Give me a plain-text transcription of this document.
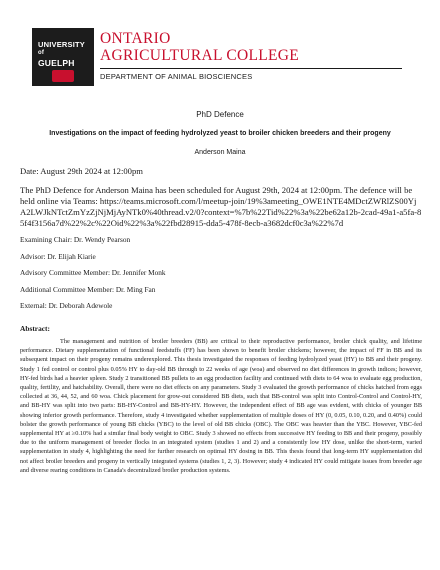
UNIVERSITY
of
GUELPH
ONTARIO
AGRICULTURAL COLLEGE
DEPARTMENT OF ANIMAL BIOSCIENCES
PhD Defence
Investigations on the impact of feeding hydrolyzed yeast to broiler chicken breeders and their progeny
Anderson Maina
Date: August 29th 2024 at 12:00pm
The PhD Defence for Anderson Maina has been scheduled for August 29th, 2024 at 12:00pm. The defence will be held online via Teams: https://teams.microsoft.com/l/meetup-join/19%3ameeting_OWE1NTE4MDctZWRlZS00YjA2LWJkNTctZmYzZjNjMjAyNTk0%40thread.v2/0?context=%7b%22Tid%22%3a%22be62a12b-2cad-49a1-a5fa-85f4f3156a7d%22%2c%22Oid%22%3a%22fbd28915-dda5-478f-8ecb-a3682dcf0c3a%22%7d
Examining Chair: Dr. Wendy Pearson
Advisor: Dr. Elijah Kiarie
Advisory Committee Member: Dr. Jennifer Monk
Additional Committee Member: Dr. Ming Fan
External: Dr. Deborah Adewole
Abstract:
The management and nutrition of broiler breeders (BB) are critical to their reproductive performance, broiler chick quality, and lifetime performance. Dietary supplementation of functional feedstuffs (FF) has been shown to benefit broiler chickens; however, the impact of FF in BB and its subsequent impact on their progeny remains underexplored. This thesis investigated the responses of feeding hydrolyzed yeast (HY) to BB and their progeny. Study 1 fed control or control plus 0.05% HY to day-old BB through to 22 weeks of age (woa) and observed no diet differences in growth indices; however, HY-fed birds had a heavier spleen. Study 2 transitioned BB pullets to an egg production facility and continued with diets to 64 woa to evaluate egg production, quality, fertility, and hatchability. Overall, there were no diet effects on any parameters. Study 3 evaluated the growth performance of chicks hatched from eggs collected at 36, 44, 52, and 60 woa. Chick placement for grow-out considered BB diets, such that BB-control was split into Control-Control and Control-HY, and BB-HY was split into two parts: BB-HY-Control and BB-HY-HY. However, the independent effect of BB age was evident, with chicks of younger BB showing inferior growth performance. Therefore, study 4 investigated whether supplementation of multiple doses of HY (0, 0.05, 0.10, 0.20, and 0.40%) could bolster the growth performance of young BB chicks (YBC) to the level of old BB chicks (OBC). The OBC was heavier than the YBC. However, YBC-fed supplemental HY at ≥0.10% had a similar final body weight to OBC. Study 3 showed no effects from successive HY feeding to BB and their progeny, possibly due to the uniform management of breeder flocks in an integrated system (studies 1 and 2) and a consistently low HY dose, unlike the short-term, varied supplementation in study 4, highlighting the need for further research on optimal HY dosing in BB. This thesis found that long-term HY supplementation did not affect broiler breeders and progeny in vertically integrated systems (studies 1, 2, 3). However; study 4 indicated HY could mitigate issues from breeder age and diverse rearing conditions in Canada's decentralized broiler production systems.
